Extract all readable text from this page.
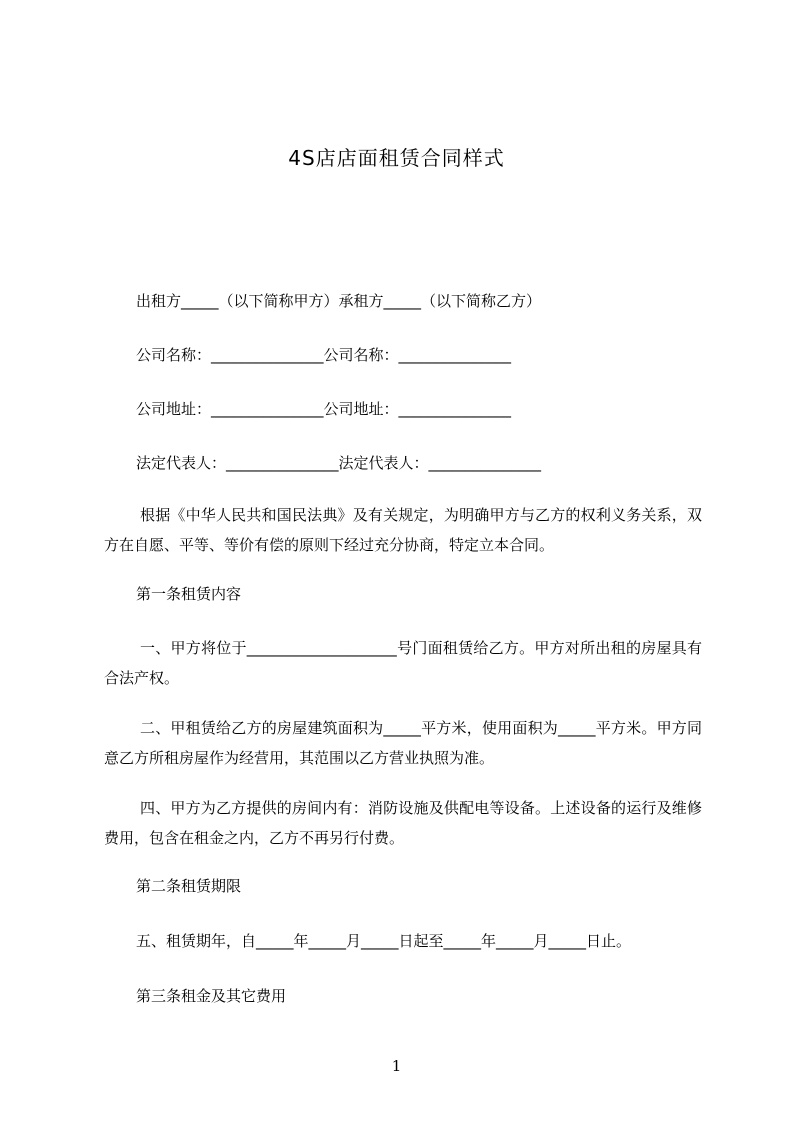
4S店店面租赁合同样式
出租方_____（以下简称甲方）承租方_____（以下简称乙方）
公司名称：_______________公司名称：_______________
公司地址：_______________公司地址：_______________
法定代表人：_______________法定代表人：_______________
根据《中华人民共和国民法典》及有关规定，为明确甲方与乙方的权利义务关系，双方在自愿、平等、等价有偿的原则下经过充分协商，特定立本合同。
第一条租赁内容
一、甲方将位于____________________号门面租赁给乙方。甲方对所出租的房屋具有合法产权。
二、甲租赁给乙方的房屋建筑面积为_____平方米，使用面积为_____平方米。甲方同意乙方所租房屋作为经营用，其范围以乙方营业执照为准。
四、甲方为乙方提供的房间内有：消防设施及供配电等设备。上述设备的运行及维修费用，包含在租金之内，乙方不再另行付费。
第二条租赁期限
五、租赁期年，自_____年_____月_____日起至_____年_____月_____日止。
第三条租金及其它费用
1
